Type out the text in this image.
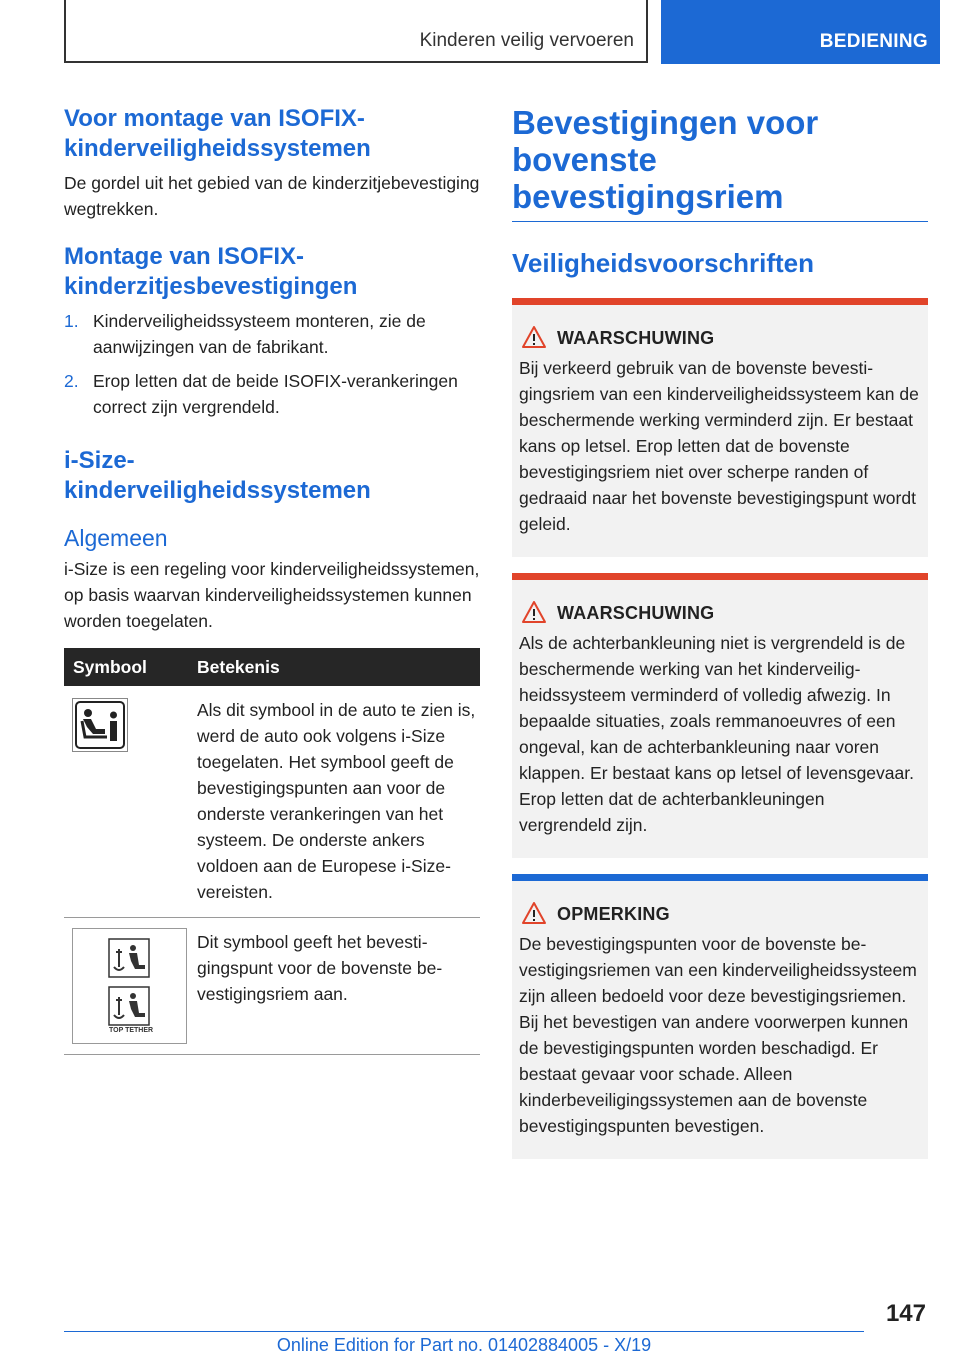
Kinderen veilig vervoeren	BEDIENING
Voor montage van ISOFIX-kinderveiligheidssystemen

De gordel uit het gebied van de kinderzitjebevestiging wegtrekken.

Montage van ISOFIX-kinderzitjesbevestigingen
1. Kinderveiligheidssysteem monteren, zie de aanwijzingen van de fabrikant.
2. Erop letten dat de beide ISOFIX-verankeringen correct zijn vergrendeld.
i-Size-kinderveiligheidssystemen
Algemeen

i-Size is een regeling voor kinderveiligheidssystemen, op basis waarvan kinderveiligheidssystemen kunnen worden toegelaten.

Symbool	Betekenis
Als dit symbool in de auto te zien is, werd de auto ook volgens i-Size toegelaten. Het symbool geeft de bevestigingspunten aan voor de onderste verankeringen van het systeem. De onderste ankers voldoen aan de Europese i-Size-vereisten.
TOP TETHER
Dit symbool geeft het bevestigingspunt voor de bovenste bevestigingsriem aan.
Bevestigingen voor bovenste bevestigingsriem
Veiligheidsvoorschriften
WAARSCHUWING

Bij verkeerd gebruik van de bovenste bevestigingsriem van een kinderveiligheidssysteem kan de beschermende werking verminderd zijn. Er bestaat kans op letsel. Erop letten dat de bovenste bevestigingsriem niet over scherpe randen of gedraaid naar het bovenste bevestigingspunt wordt geleid.

WAARSCHUWING

Als de achterbankleuning niet is vergrendeld is de beschermende werking van het kinderveiligheidssysteem verminderd of volledig afwezig. In bepaalde situaties, zoals remmanoeuvres of een ongeval, kan de achterbankleuning naar voren klappen. Er bestaat kans op letsel of levensgevaar. Erop letten dat de achterbankleuningen vergrendeld zijn.

OPMERKING

De bevestigingspunten voor de bovenste bevestigingsriemen van een kinderveiligheidssysteem zijn alleen bedoeld voor deze bevestigingsriemen. Bij het bevestigen van andere voorwerpen kunnen de bevestigingspunten worden beschadigd. Er bestaat gevaar voor schade. Alleen kinderbeveiligingssystemen aan de bovenste bevestigingspunten bevestigen.

147
Online Edition for Part no. 01402884005 - X/19
